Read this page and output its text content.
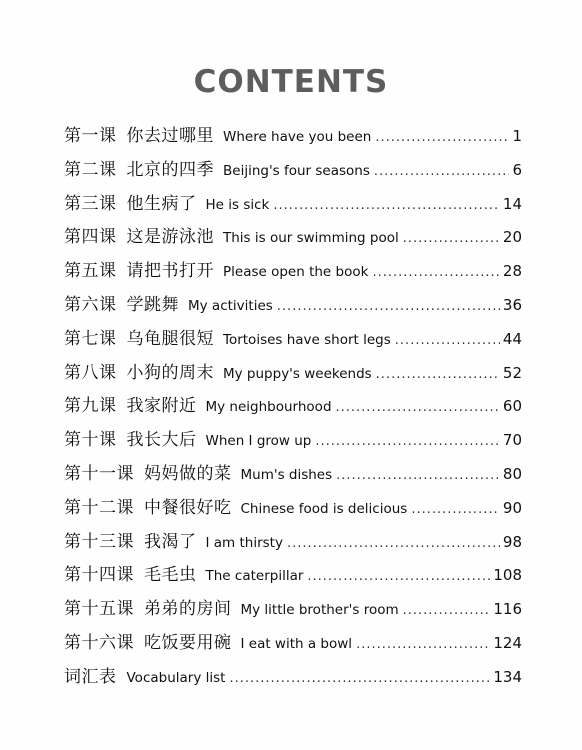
CONTENTS
第一课 你去过哪里 Where have you been .....	1
第二课 北京的四季 Beijing's four seasons .....	6
第三课 他生病了 He is sick .....	14
第四课 这是游泳池 This is our swimming pool .....	20
第五课 请把书打开 Please open the book .....	28
第六课 学跳舞 My activities .....	36
第七课 乌龟腿很短 Tortoises have short legs .....	44
第八课 小狗的周末 My puppy's weekends .....	52
第九课 我家附近 My neighbourhood .....	60
第十课 我长大后 When I grow up .....	70
第十一课 妈妈做的菜 Mum's dishes .....	80
第十二课 中餐很好吃 Chinese food is delicious .....	90
第十三课 我渴了 I am thirsty .....	98
第十四课 毛毛虫 The caterpillar .....	108
第十五课 弟弟的房间 My little brother's room .....	116
第十六课 吃饭要用碗 I eat with a bowl .....	124
词汇表 Vocabulary list .....	134
